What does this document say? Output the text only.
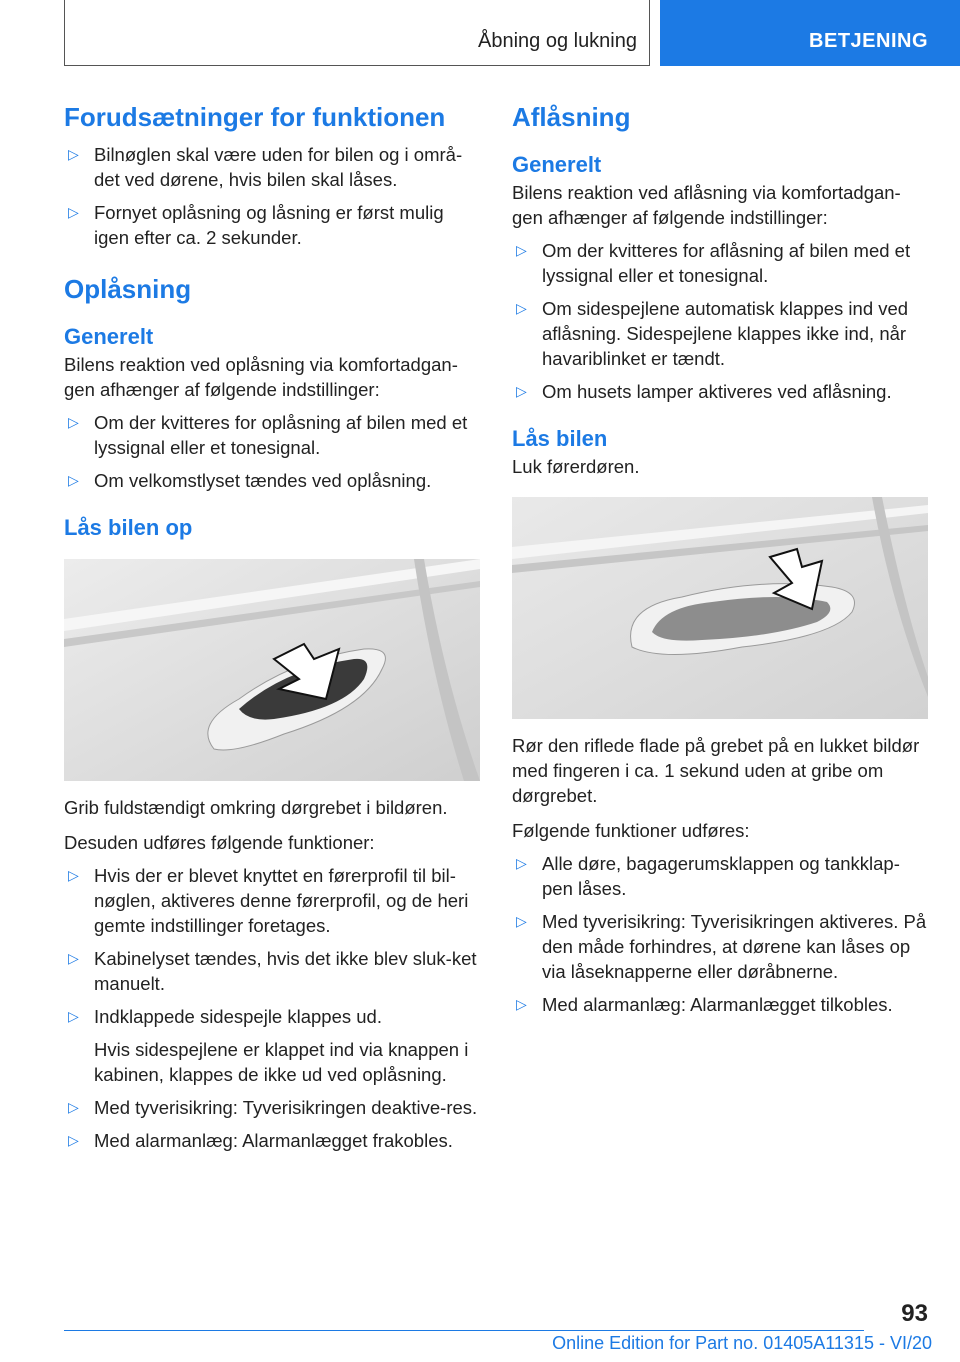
Åbning og lukning	BETJENING
Forudsætninger for funktionen
▷ Bilnøglen skal være uden for bilen og i områ-det ved dørene, hvis bilen skal låses.
▷ Fornyet oplåsning og låsning er først mulig igen efter ca. 2 sekunder.
Oplåsning
Generelt

Bilens reaktion ved oplåsning via komfortadgan-gen afhænger af følgende indstillinger:

▷ Om der kvitteres for oplåsning af bilen med et lyssignal eller et tonesignal.
▷ Om velkomstlyset tændes ved oplåsning.
Lås bilen op

Grib fuldstændigt omkring dørgrebet i bildøren.

Desuden udføres følgende funktioner:

▷ Hvis der er blevet knyttet en førerprofil til bil-nøglen, aktiveres denne førerprofil, og de heri gemte indstillinger foretages.
▷ Kabinelyset tændes, hvis det ikke blev sluk-ket manuelt.
▷ Indklappede sidespejle klappes ud.
Hvis sidespejlene er klappet ind via knappen i kabinen, klappes de ikke ud ved oplåsning.
▷ Med tyverisikring: Tyverisikringen deaktive-res.
▷ Med alarmanlæg: Alarmanlægget frakobles.
Aflåsning
Generelt

Bilens reaktion ved aflåsning via komfortadgan-gen afhænger af følgende indstillinger:

▷ Om der kvitteres for aflåsning af bilen med et lyssignal eller et tonesignal.
▷ Om sidespejlene automatisk klappes ind ved aflåsning. Sidespejlene klappes ikke ind, når havariblinket er tændt.
▷ Om husets lamper aktiveres ved aflåsning.
Lås bilen

Luk førerdøren.

Rør den riflede flade på grebet på en lukket bildør med fingeren i ca. 1 sekund uden at gribe om dørgrebet.

Følgende funktioner udføres:

▷ Alle døre, bagagerumsklappen og tankklap-pen låses.
▷ Med tyverisikring: Tyverisikringen aktiveres. På den måde forhindres, at dørene kan låses op via låseknapperne eller døråbnerne.
▷ Med alarmanlæg: Alarmanlægget tilkobles.
93
Online Edition for Part no. 01405A11315 - VI/20
